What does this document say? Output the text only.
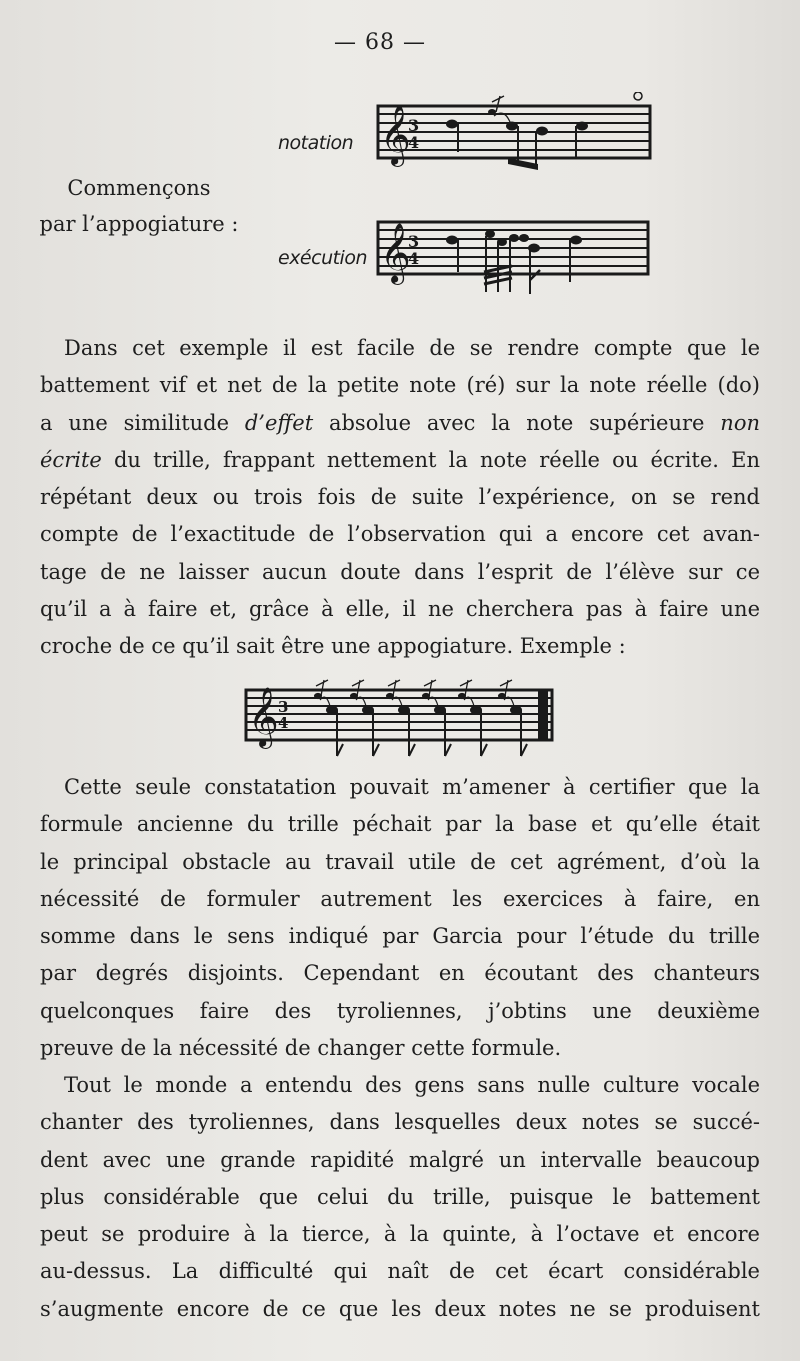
— 68 —
Commençons
par l’appogiature :
notation 𝄞
3
4
exécution 𝄞
3
4
Dans cet exemple il est facile de se rendre compte que le
battement vif et net de la petite note (ré) sur la note réelle (do)
a une similitude d’effet absolue avec la note supérieure non
écrite du trille, frappant nettement la note réelle ou écrite. En
répétant deux ou trois fois de suite l’expérience, on se rend
compte de l’exactitude de l’observation qui a encore cet avan-
tage de ne laisser aucun doute dans l’esprit de l’élève sur ce
qu’il a à faire et, grâce à elle, il ne cherchera pas à faire une
croche de ce qu’il sait être une appogiature. Exemple :
𝄞 3
4
Cette seule constatation pouvait m’amener à certifier que la
formule ancienne du trille péchait par la base et qu’elle était
le principal obstacle au travail utile de cet agrément, d’où la
nécessité de formuler autrement les exercices à faire, en
somme dans le sens indiqué par Garcia pour l’étude du trille
par degrés disjoints. Cependant en écoutant des chanteurs
quelconques faire des tyroliennes, j’obtins une deuxième
preuve de la nécessité de changer cette formule.
Tout le monde a entendu des gens sans nulle culture vocale
chanter des tyroliennes, dans lesquelles deux notes se succé-
dent avec une grande rapidité malgré un intervalle beaucoup
plus considérable que celui du trille, puisque le battement
peut se produire à la tierce, à la quinte, à l’octave et encore
au-dessus. La difficulté qui naît de cet écart considérable
s’augmente encore de ce que les deux notes ne se produisent
